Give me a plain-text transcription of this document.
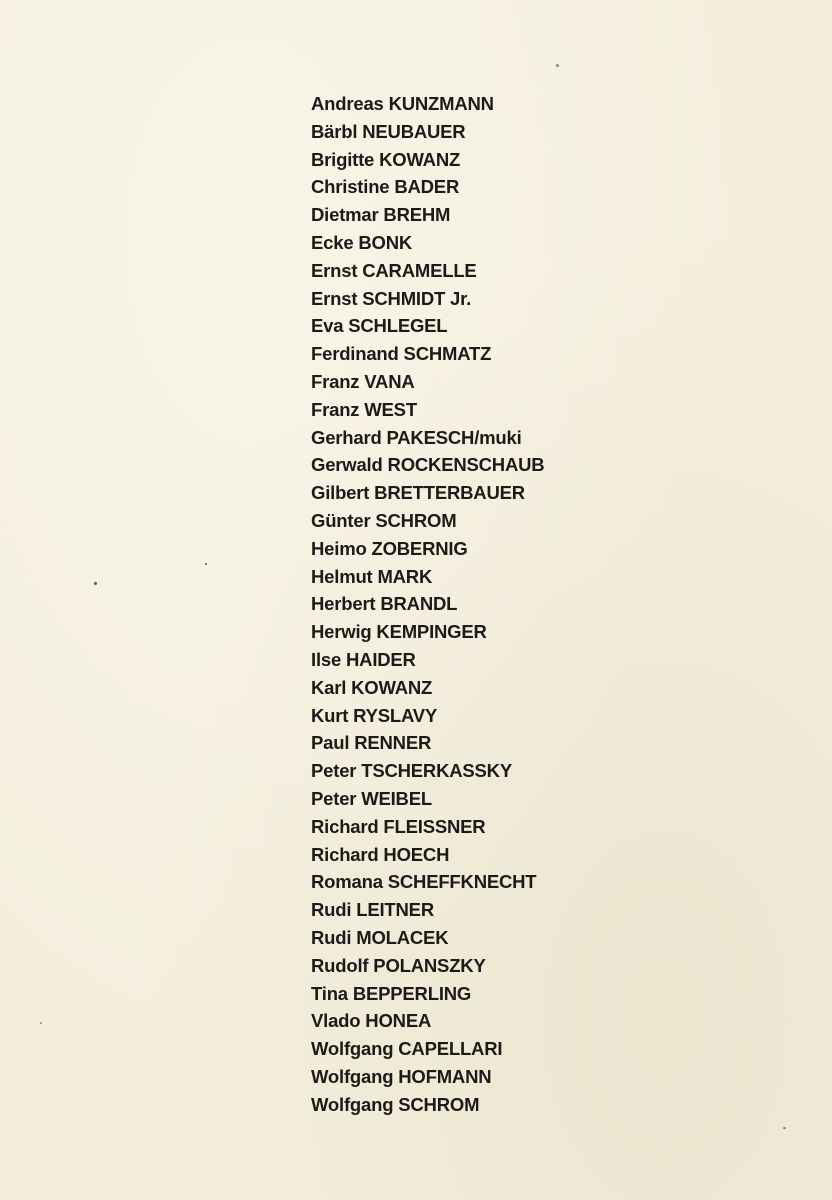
Andreas KUNZMANN
Bärbl NEUBAUER
Brigitte KOWANZ
Christine BADER
Dietmar BREHM
Ecke BONK
Ernst CARAMELLE
Ernst SCHMIDT Jr.
Eva SCHLEGEL
Ferdinand SCHMATZ
Franz VANA
Franz WEST
Gerhard PAKESCH/muki
Gerwald ROCKENSCHAUB
Gilbert BRETTERBAUER
Günter SCHROM
Heimo ZOBERNIG
Helmut MARK
Herbert BRANDL
Herwig KEMPINGER
Ilse HAIDER
Karl KOWANZ
Kurt RYSLAVY
Paul RENNER
Peter TSCHERKASSKY
Peter WEIBEL
Richard FLEISSNER
Richard HOECH
Romana SCHEFFKNECHT
Rudi LEITNER
Rudi MOLACEK
Rudolf POLANSZKY
Tina BEPPERLING
Vlado HONEA
Wolfgang CAPELLARI
Wolfgang HOFMANN
Wolfgang SCHROM
